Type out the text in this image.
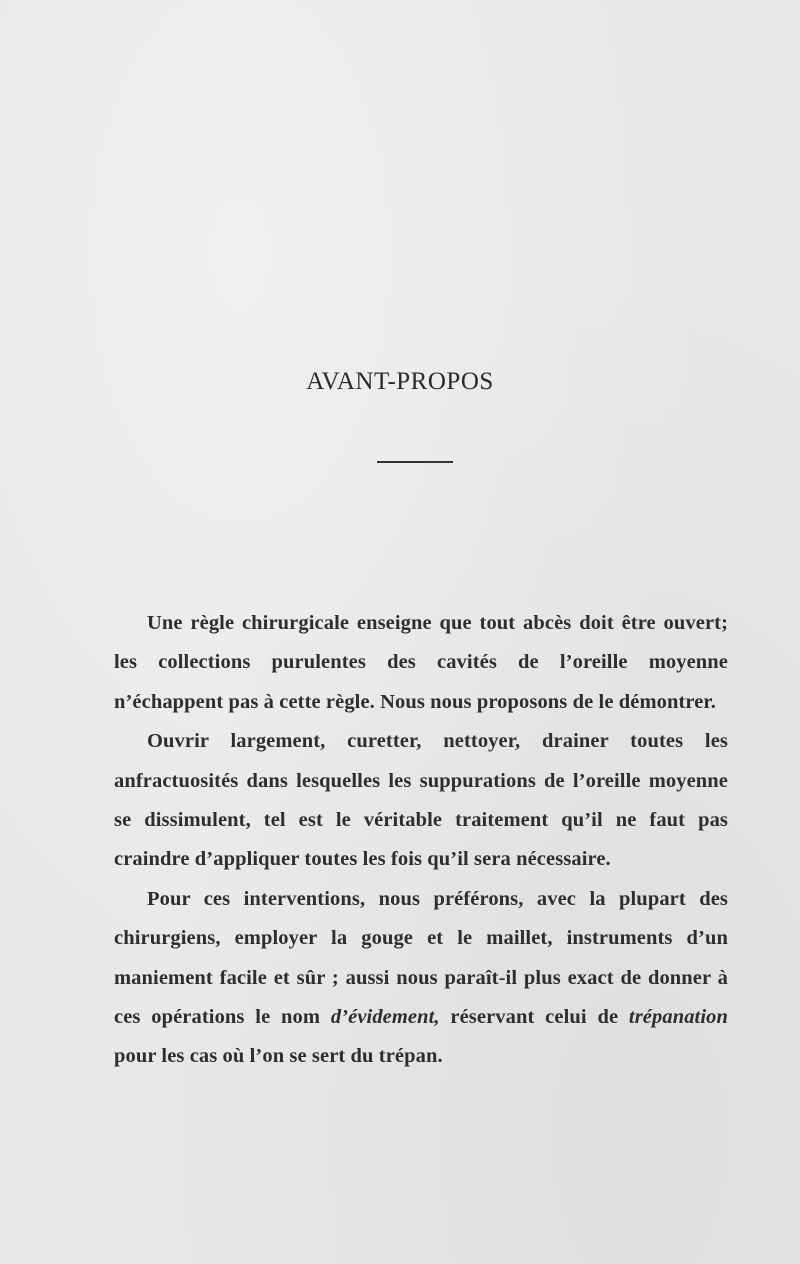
AVANT-PROPOS

Une règle chirurgicale enseigne que tout abcès doit être ouvert; les collections purulentes des cavités de l’oreille moyenne n’échappent pas à cette règle. Nous nous proposons de le démontrer.

Ouvrir largement, curetter, nettoyer, drainer toutes les anfractuosités dans lesquelles les suppurations de l’oreille moyenne se dissimulent, tel est le véritable traitement qu’il ne faut pas craindre d’appliquer toutes les fois qu’il sera nécessaire.

Pour ces interventions, nous préférons, avec la plupart des chirurgiens, employer la gouge et le maillet, instruments d’un maniement facile et sûr ; aussi nous paraît-il plus exact de donner à ces opérations le nom d’évidement, réservant celui de trépanation pour les cas où l’on se sert du trépan.
